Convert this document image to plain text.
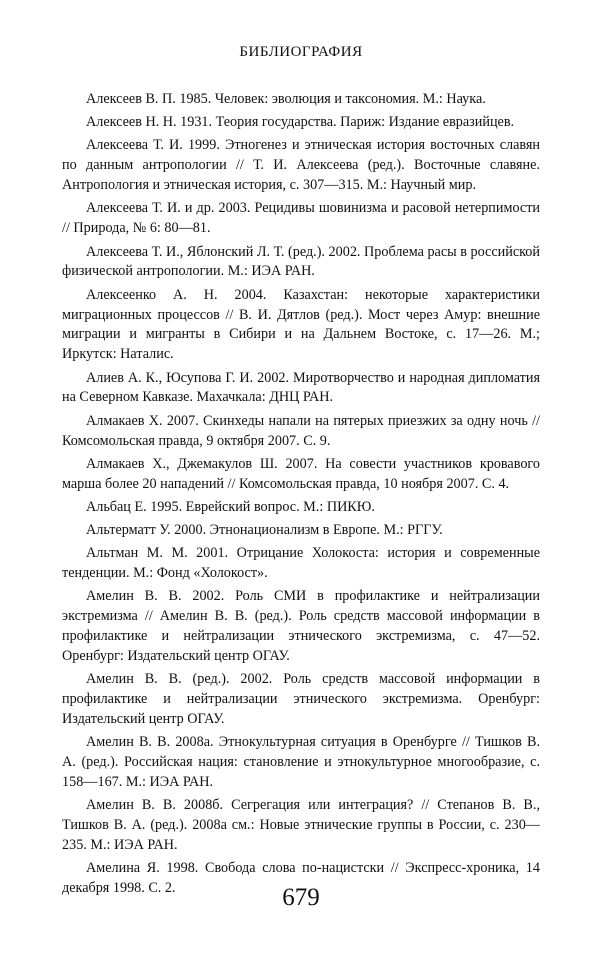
БИБЛИОГРАФИЯ

Алексеев В. П. 1985. Человек: эволюция и таксономия. М.: Наука.

Алексеев Н. Н. 1931. Теория государства. Париж: Издание евразийцев.

Алексеева Т. И. 1999. Этногенез и этническая история восточных славян по данным антропологии // Т. И. Алексеева (ред.). Восточные славяне. Антропология и этническая история, с. 307—315. М.: Научный мир.

Алексеева Т. И. и др. 2003. Рецидивы шовинизма и расовой нетерпимости // Природа, № 6: 80—81.

Алексеева Т. И., Яблонский Л. Т. (ред.). 2002. Проблема расы в российской физической антропологии. М.: ИЭА РАН.

Алексеенко А. Н. 2004. Казахстан: некоторые характеристики миграционных процессов // В. И. Дятлов (ред.). Мост через Амур: внешние миграции и мигранты в Сибири и на Дальнем Востоке, с. 17—26. М.; Иркутск: Наталис.

Алиев А. К., Юсупова Г. И. 2002. Миротворчество и народная дипломатия на Северном Кавказе. Махачкала: ДНЦ РАН.

Алмакаев Х. 2007. Скинхеды напали на пятерых приезжих за одну ночь // Комсомольская правда, 9 октября 2007. С. 9.

Алмакаев Х., Джемакулов Ш. 2007. На совести участников кровавого марша более 20 нападений // Комсомольская правда, 10 ноября 2007. С. 4.

Альбац Е. 1995. Еврейский вопрос. М.: ПИКЮ.

Альтерматт У. 2000. Этнонационализм в Европе. М.: РГГУ.

Альтман М. М. 2001. Отрицание Холокоста: история и современные тенденции. М.: Фонд «Холокост».

Амелин В. В. 2002. Роль СМИ в профилактике и нейтрализации экстремизма // Амелин В. В. (ред.). Роль средств массовой информации в профилактике и нейтрализации этнического экстремизма, с. 47—52. Оренбург: Издательский центр ОГАУ.

Амелин В. В. (ред.). 2002. Роль средств массовой информации в профилактике и нейтрализации этнического экстремизма. Оренбург: Издательский центр ОГАУ.

Амелин В. В. 2008а. Этнокультурная ситуация в Оренбурге // Тишков В. А. (ред.). Российская нация: становление и этнокультурное многообразие, с. 158—167. М.: ИЭА РАН.

Амелин В. В. 2008б. Сегрегация или интеграция? // Степанов В. В., Тишков В. А. (ред.). 2008а см.: Новые этнические группы в России, с. 230—235. М.: ИЭА РАН.

Амелина Я. 1998. Свобода слова по-нацистски // Экспресс-хроника, 14 декабря 1998. С. 2.	679
